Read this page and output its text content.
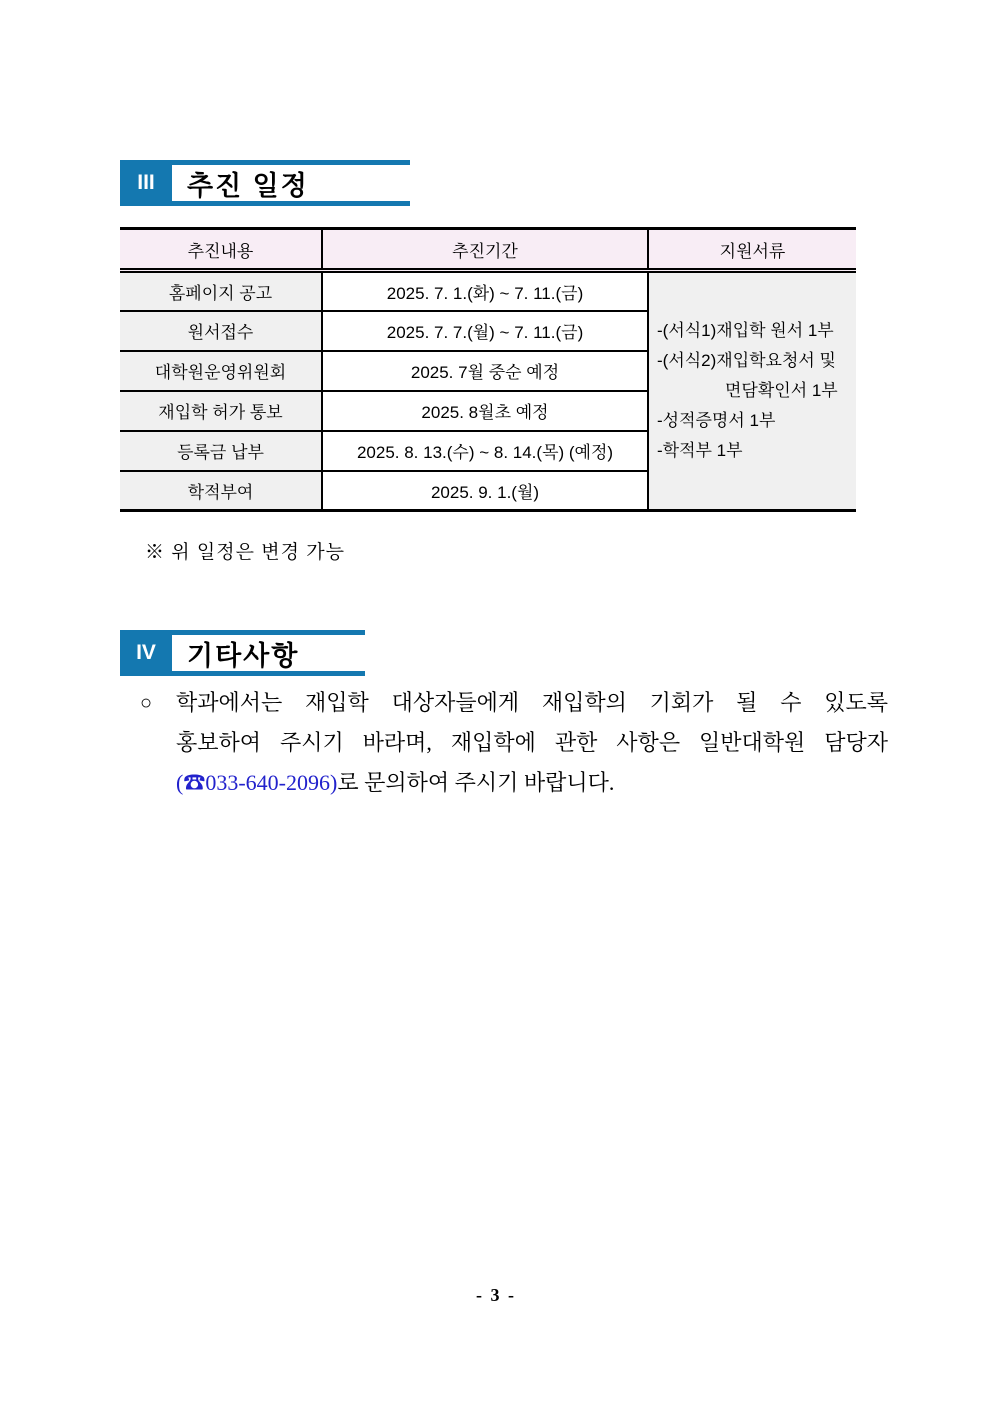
III	추진 일정
추진내용	추진기간	지원서류
홈페이지 공고	2025. 7. 1.(화) ~ 7. 11.(금)	-(서식1)재입학 원서 1부
-(서식2)재입학요청서 및
면담확인서 1부
-성적증명서 1부
-학적부 1부

원서접수	2025. 7. 7.(월) ~ 7. 11.(금)	
대학원운영위원회	2025. 7월 중순 예정	
재입학 허가 통보	2025. 8월초 예정	
등록금 납부	2025. 8. 13.(수) ~ 8. 14.(목) (예정)	
학적부여	2025. 9. 1.(월)	
※ 위 일정은 변경 가능
IV	기타사항
○ 학과에서는 재입학 대상자들에게 재입학의 기회가 될 수 있도록
홍보하여 주시기 바라며, 재입학에 관한 사항은 일반대학원 담당자
(☎033-640-2096)로 문의하여 주시기 바랍니다.
- 3 -
